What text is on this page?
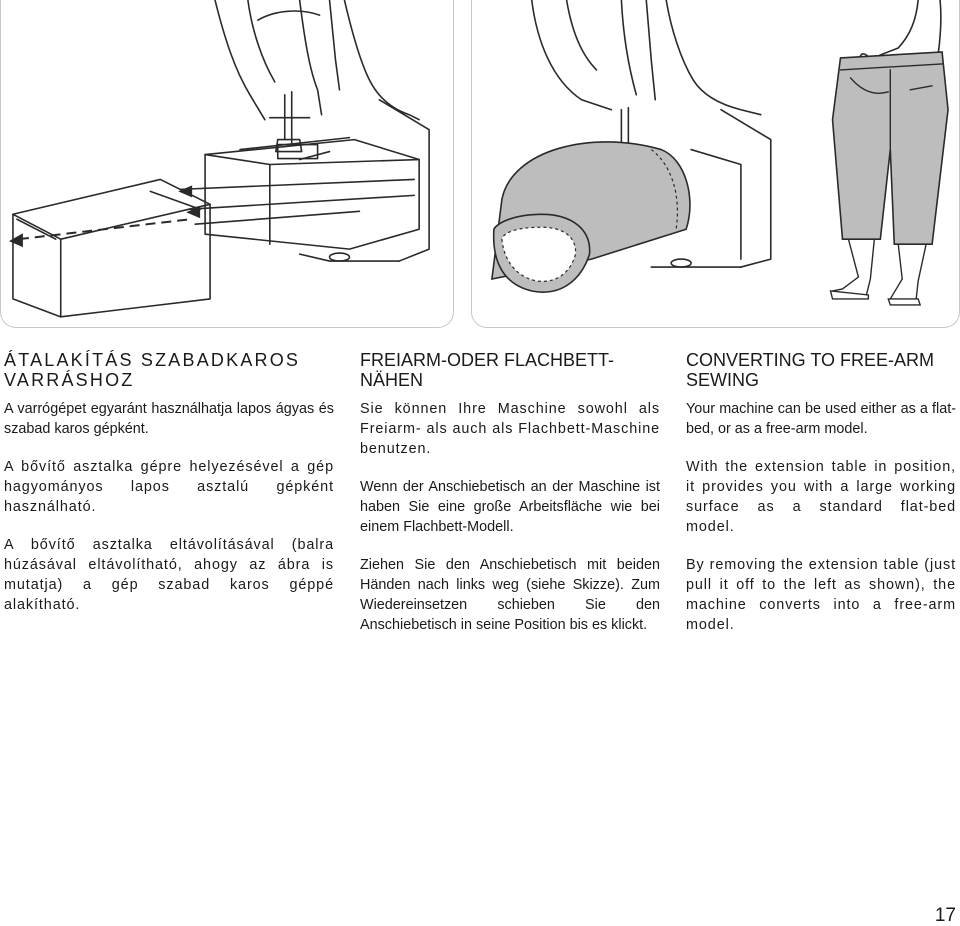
ÁTALAKÍTÁS SZABADKAROS VARRÁSHOZ

A varrógépet egyaránt használhatja lapos ágyas és szabad karos gépként.

A bővítő asztalka gépre helyezésével a gép hagyományos lapos asztalú gépként használható.

A bővítő asztalka eltávolításával (balra húzásával eltávolítható, ahogy az ábra is mutatja) a gép szabad karos géppé alakítható.

FREIARM-ODER FLACHBETT-NÄHEN

Sie können Ihre Maschine sowohl als Freiarm- als auch als Flachbett-Maschine benutzen.

Wenn der Anschiebetisch an der Maschine ist haben Sie eine große Arbeitsfläche wie bei einem Flachbett-Modell.

Ziehen Sie den Anschiebetisch mit beiden Händen nach links weg (siehe Skizze). Zum Wiedereinsetzen schieben Sie den Anschiebetisch in seine Position bis es klickt.

CONVERTING TO FREE-ARM SEWING

Your machine can be used either as a flat- bed, or as a free-arm model.

With the extension table in position, it provides you with a large working surface as a standard flat-bed model.

By removing the extension table (just pull it off to the left as shown), the machine converts into a free-arm model.

17
